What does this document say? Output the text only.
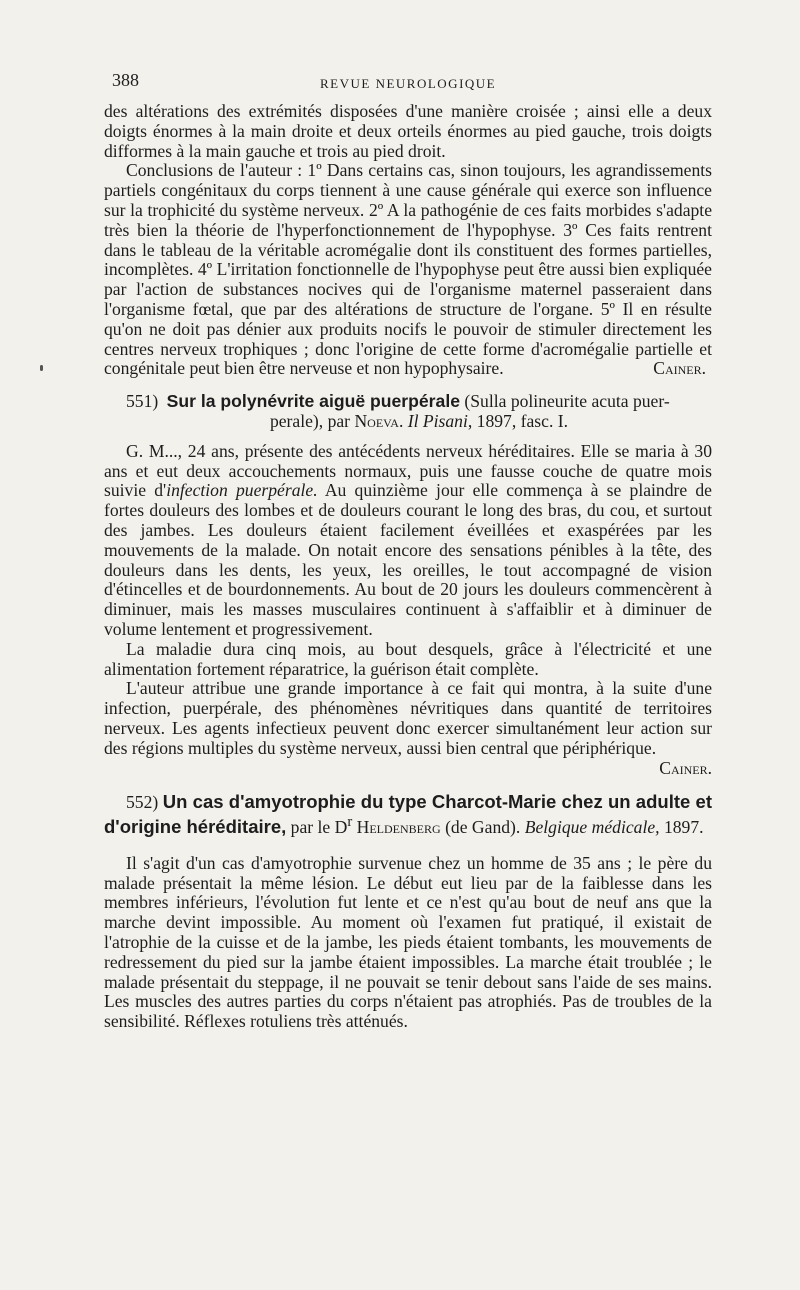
388	REVUE NEUROLOGIQUE

des altérations des extrémités disposées d'une manière croisée ; ainsi elle a deux doigts énormes à la main droite et deux orteils énormes au pied gauche, trois doigts difformes à la main gauche et trois au pied droit.

Conclusions de l'auteur : 1º Dans certains cas, sinon toujours, les agrandissements partiels congénitaux du corps tiennent à une cause générale qui exerce son influence sur la trophicité du système nerveux. 2º A la pathogénie de ces faits morbides s'adapte très bien la théorie de l'hyperfonctionnement de l'hypophyse. 3º Ces faits rentrent dans le tableau de la véritable acromégalie dont ils constituent des formes partielles, incomplètes. 4º L'irritation fonctionnelle de l'hypophyse peut être aussi bien expliquée par l'action de substances nocives qui de l'organisme maternel passeraient dans l'organisme fœtal, que par des altérations de structure de l'organe. 5º Il en résulte qu'on ne doit pas dénier aux produits nocifs le pouvoir de stimuler directement les centres nerveux trophiques ; donc l'origine de cette forme d'acromégalie partielle et congénitale peut bien être nerveuse et non hypophysaire.	Cainer.

551) Sur la polynévrite aiguë puerpérale (Sulla polineurite acuta puer-
perale), par Noeva. Il Pisani, 1897, fasc. I.

G. M..., 24 ans, présente des antécédents nerveux héréditaires. Elle se maria à 30 ans et eut deux accouchements normaux, puis une fausse couche de quatre mois suivie d'infection puerpérale. Au quinzième jour elle commença à se plaindre de fortes douleurs des lombes et de douleurs courant le long des bras, du cou, et surtout des jambes. Les douleurs étaient facilement éveillées et exaspérées par les mouvements de la malade. On notait encore des sensations pénibles à la tête, des douleurs dans les dents, les yeux, les oreilles, le tout accompagné de vision d'étincelles et de bourdonnements. Au bout de 20 jours les douleurs commencèrent à diminuer, mais les masses musculaires continuent à s'affaiblir et à diminuer de volume lentement et progressivement.

La maladie dura cinq mois, au bout desquels, grâce à l'électricité et une alimentation fortement réparatrice, la guérison était complète.

L'auteur attribue une grande importance à ce fait qui montra, à la suite d'une infection, puerpérale, des phénomènes névritiques dans quantité de territoires nerveux. Les agents infectieux peuvent donc exercer simultanément leur action sur des régions multiples du système nerveux, aussi bien central que périphérique.

Cainer.

552) Un cas d'amyotrophie du type Charcot-Marie chez un adulte et d'origine héréditaire, par le $D^r$ Heldenberg (de Gand). Belgique médicale, 1897.

Il s'agit d'un cas d'amyotrophie survenue chez un homme de 35 ans ; le père du malade présentait la même lésion. Le début eut lieu par de la faiblesse dans les membres inférieurs, l'évolution fut lente et ce n'est qu'au bout de neuf ans que la marche devint impossible. Au moment où l'examen fut pratiqué, il existait de l'atrophie de la cuisse et de la jambe, les pieds étaient tombants, les mouvements de redressement du pied sur la jambe étaient impossibles. La marche était troublée ; le malade présentait du steppage, il ne pouvait se tenir debout sans l'aide de ses mains. Les muscles des autres parties du corps n'étaient pas atrophiés. Pas de troubles de la sensibilité. Réflexes rotuliens très atténués.
